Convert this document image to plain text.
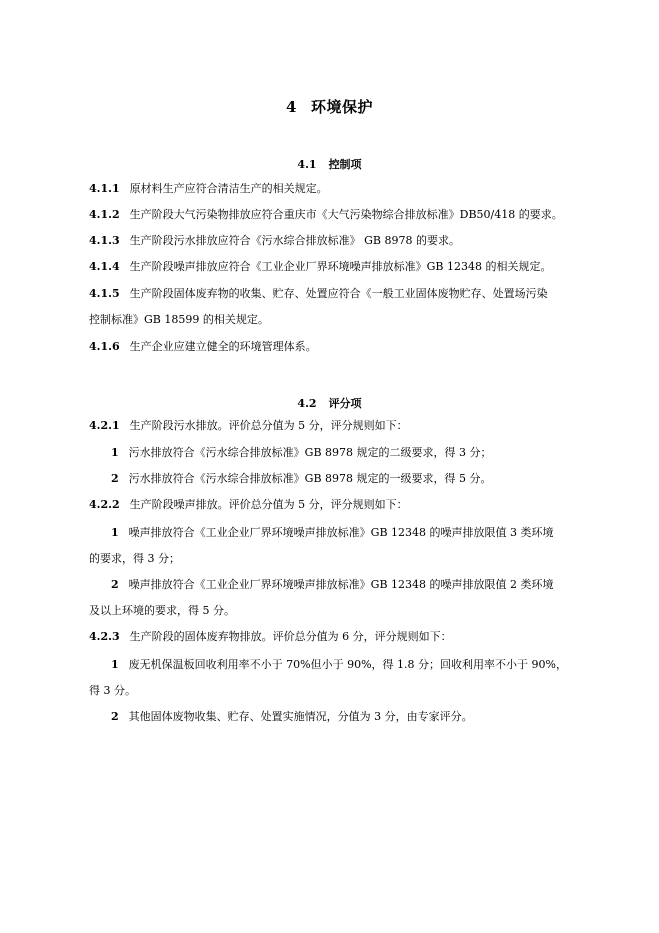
4 环境保护
4.1 控制项
4.1.1 原材料生产应符合清洁生产的相关规定。
4.1.2 生产阶段大气污染物排放应符合重庆市《大气污染物综合排放标准》DB50/418 的要求。
4.1.3 生产阶段污水排放应符合《污水综合排放标准》 GB 8978 的要求。
4.1.4 生产阶段噪声排放应符合《工业企业厂界环境噪声排放标准》GB 12348 的相关规定。
4.1.5 生产阶段固体废弃物的收集、贮存、处置应符合《一般工业固体废物贮存、处置场污染
控制标准》GB 18599 的相关规定。
4.1.6 生产企业应建立健全的环境管理体系。
4.2 评分项
4.2.1 生产阶段污水排放。评价总分值为 5 分，评分规则如下：
1 污水排放符合《污水综合排放标准》GB 8978 规定的二级要求，得 3 分；
2 污水排放符合《污水综合排放标准》GB 8978 规定的一级要求，得 5 分。
4.2.2 生产阶段噪声排放。评价总分值为 5 分，评分规则如下：
1 噪声排放符合《工业企业厂界环境噪声排放标准》GB 12348 的噪声排放限值 3 类环境
的要求，得 3 分；
2 噪声排放符合《工业企业厂界环境噪声排放标准》GB 12348 的噪声排放限值 2 类环境
及以上环境的要求，得 5 分。
4.2.3 生产阶段的固体废弃物排放。评价总分值为 6 分，评分规则如下：
1 废无机保温板回收利用率不小于 70%但小于 90%，得 1.8 分；回收利用率不小于 90%，
得 3 分。
2 其他固体废物收集、贮存、处置实施情况，分值为 3 分，由专家评分。
